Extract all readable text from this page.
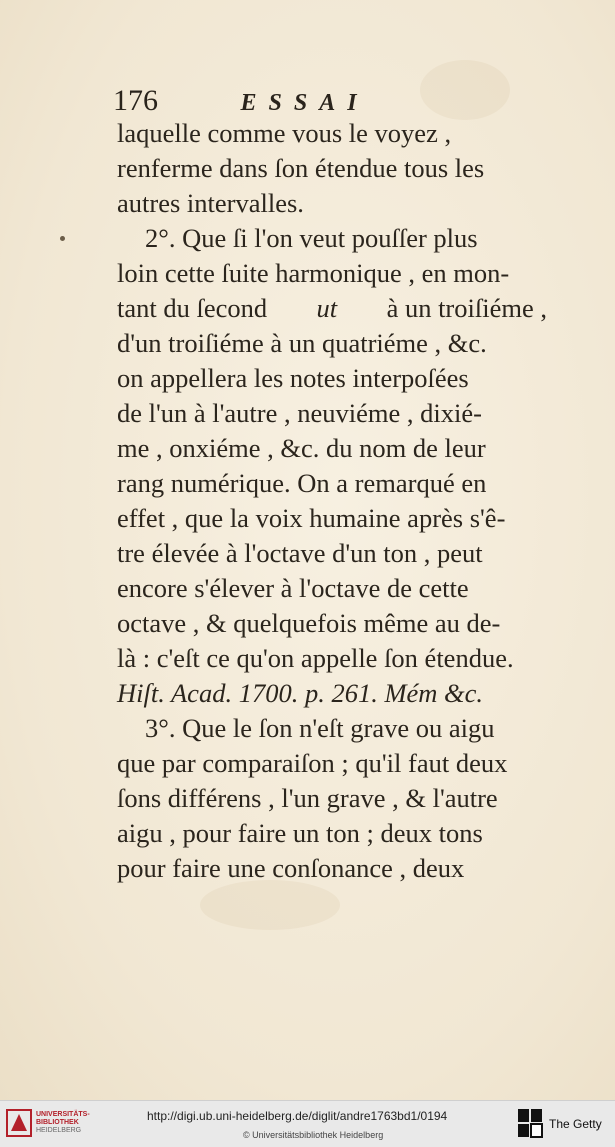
176	ESSAI
laquelle comme vous le voyez ,
renferme dans ſon étendue tous les
autres intervalles.
2°. Que ſi l'on veut pouſſer plus
loin cette ſuite harmonique , en mon-
tant du ſecond ut à un troiſiéme ,
d'un troiſiéme à un quatriéme , &c.
on appellera les notes interpoſées
de l'un à l'autre , neuviéme , dixié-
me , onxiéme , &c. du nom de leur
rang numérique. On a remarqué en
effet , que la voix humaine après s'ê-
tre élevée à l'octave d'un ton , peut
encore s'élever à l'octave de cette
octave , & quelquefois même au de-
là : c'eſt ce qu'on appelle ſon étendue.
Hiſt. Acad. 1700. p. 261. Mém &c.
3°. Que le ſon n'eſt grave ou aigu
que par comparaiſon ; qu'il faut deux
ſons différens , l'un grave , & l'autre
aigu , pour faire un ton ; deux tons
pour faire une conſonance , deux
UNIVERSITÄTS-
BIBLIOTHEK
HEIDELBERG
http://digi.ub.uni-heidelberg.de/diglit/andre1763bd1/0194
© Universitätsbibliothek Heidelberg
The Getty
